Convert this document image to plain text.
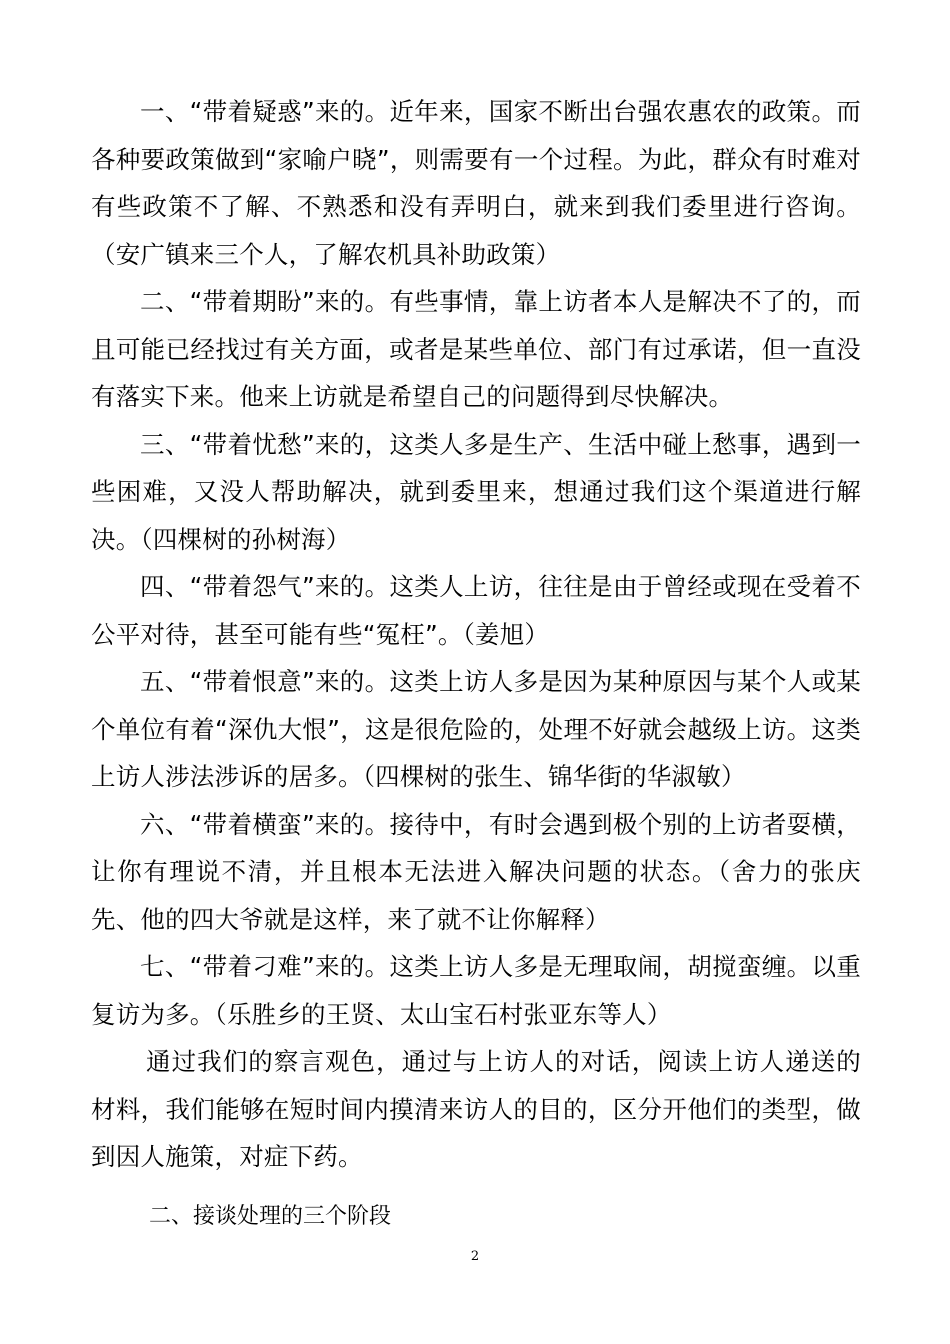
一、“带着疑惑”来的。近年来，国家不断出台强农惠农的政策。而各种要政策做到“家喻户晓”，则需要有一个过程。为此，群众有时难对有些政策不了解、不熟悉和没有弄明白，就来到我们委里进行咨询。（安广镇来三个人，了解农机具补助政策）

二、“带着期盼”来的。有些事情，靠上访者本人是解决不了的，而且可能已经找过有关方面，或者是某些单位、部门有过承诺，但一直没有落实下来。他来上访就是希望自己的问题得到尽快解决。

三、“带着忧愁”来的，这类人多是生产、生活中碰上愁事，遇到一些困难，又没人帮助解决，就到委里来，想通过我们这个渠道进行解决。（四棵树的孙树海）

四、“带着怨气”来的。这类人上访，往往是由于曾经或现在受着不公平对待，甚至可能有些“冤枉”。（姜旭）

五、“带着恨意”来的。这类上访人多是因为某种原因与某个人或某个单位有着“深仇大恨”，这是很危险的，处理不好就会越级上访。这类上访人涉法涉诉的居多。（四棵树的张生、锦华街的华淑敏）

六、“带着横蛮”来的。接待中，有时会遇到极个别的上访者耍横，让你有理说不清，并且根本无法进入解决问题的状态。（舍力的张庆先、他的四大爷就是这样，来了就不让你解释）

七、“带着刁难”来的。这类上访人多是无理取闹，胡搅蛮缠。以重复访为多。（乐胜乡的王贤、太山宝石村张亚东等人）

通过我们的察言观色，通过与上访人的对话，阅读上访人递送的材料，我们能够在短时间内摸清来访人的目的，区分开他们的类型，做到因人施策，对症下药。

二、接谈处理的三个阶段

2
